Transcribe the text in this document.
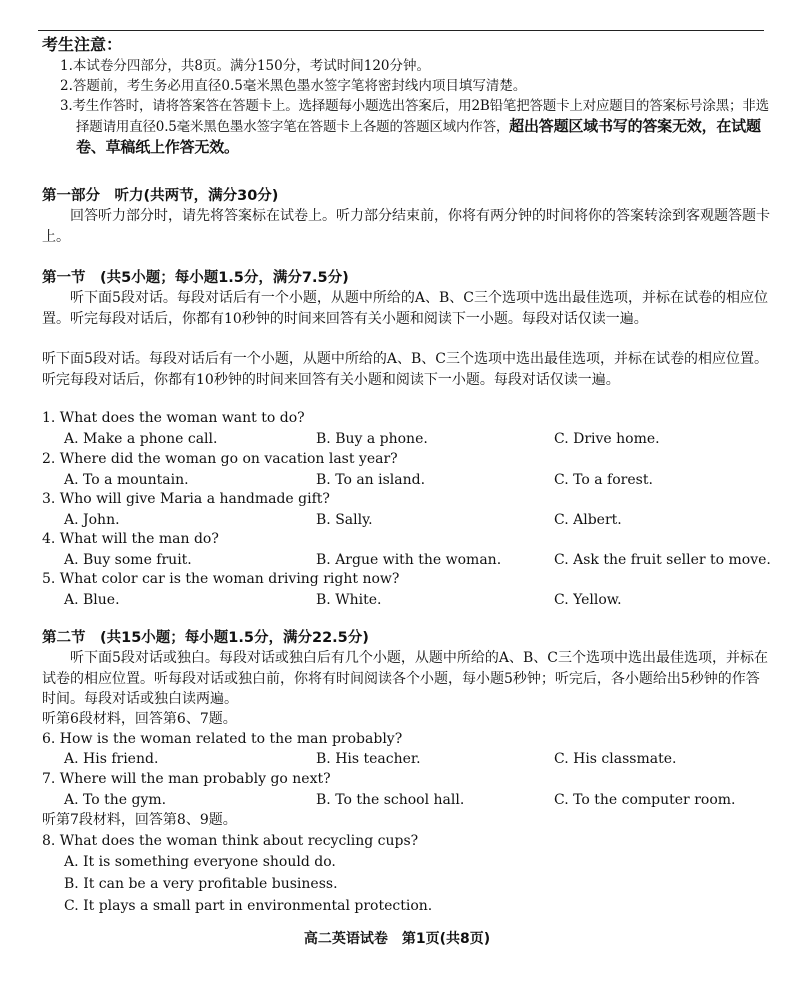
考生注意：
1.本试卷分四部分，共8页。满分150分，考试时间120分钟。
2.答题前，考生务必用直径0.5毫米黑色墨水签字笔将密封线内项目填写清楚。
3.考生作答时，请将答案答在答题卡上。选择题每小题选出答案后，用2B铅笔把答题卡上对应题目的答案标号涂黑；非选择题请用直径0.5毫米黑色墨水签字笔在答题卡上各题的答题区域内作答，超出答题区域书写的答案无效，在试题卷、草稿纸上作答无效。
第一部分　听力(共两节，满分30分)
回答听力部分时，请先将答案标在试卷上。听力部分结束前，你将有两分钟的时间将你的答案转涂到客观题答题卡上。
第一节　(共5小题；每小题1.5分，满分7.5分)
听下面5段对话。每段对话后有一个小题，从题中所给的A、B、C三个选项中选出最佳选项，并标在试卷的相应位置。听完每段对话后，你都有10秒钟的时间来回答有关小题和阅读下一小题。每段对话仅读一遍。
听下面5段对话。每段对话后有一个小题，从题中所给的A、B、C三个选项中选出最佳选项，并标在试卷的相应位置。听完每段对话后，你都有10秒钟的时间来回答有关小题和阅读下一小题。每段对话仅读一遍。
1. What does the woman want to do?
A. Make a phone call.	B. Buy a phone.	C. Drive home.
2. Where did the woman go on vacation last year?
A. To a mountain.	B. To an island.	C. To a forest.
3. Who will give Maria a handmade gift?
A. John.	B. Sally.	C. Albert.
4. What will the man do?
A. Buy some fruit.	B. Argue with the woman.	C. Ask the fruit seller to move.
5. What color car is the woman driving right now?
A. Blue.	B. White.	C. Yellow.
第二节　(共15小题；每小题1.5分，满分22.5分)
听下面5段对话或独白。每段对话或独白后有几个小题，从题中所给的A、B、C三个选项中选出最佳选项，并标在试卷的相应位置。听每段对话或独白前，你将有时间阅读各个小题，每小题5秒钟；听完后，各小题给出5秒钟的作答时间。每段对话或独白读两遍。
听第6段材料，回答第6、7题。
6. How is the woman related to the man probably?
A. His friend.	B. His teacher.	C. His classmate.
7. Where will the man probably go next?
A. To the gym.	B. To the school hall.	C. To the computer room.
听第7段材料，回答第8、9题。
8. What does the woman think about recycling cups?
A. It is something everyone should do.
B. It can be a very profitable business.
C. It plays a small part in environmental protection.
高二英语试卷　第1页(共8页)
